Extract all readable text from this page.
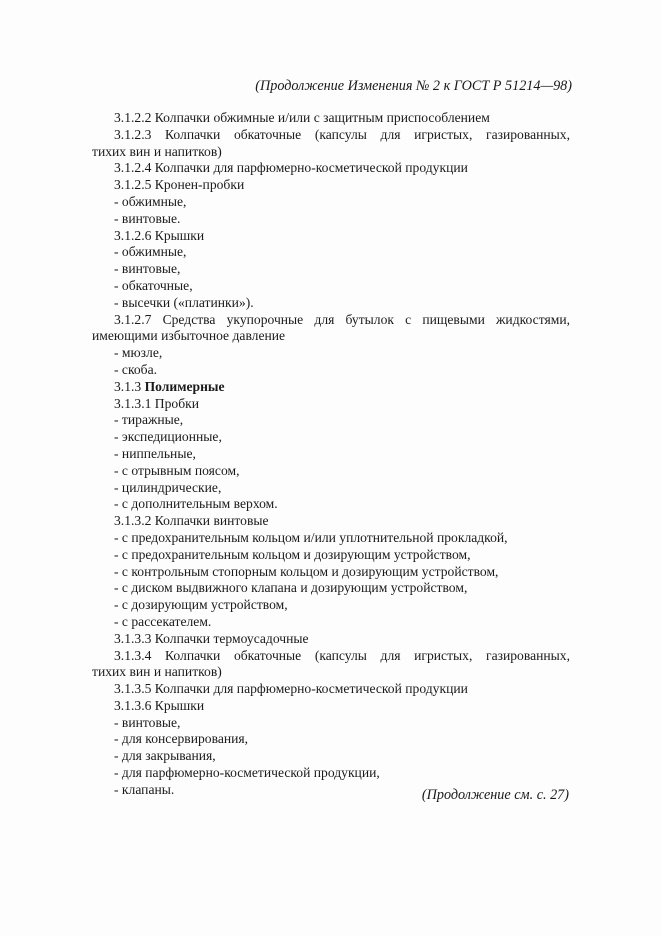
(Продолжение Изменения № 2 к ГОСТ Р 51214—98)
3.1.2.2 Колпачки обжимные и/или с защитным приспособлением
3.1.2.3 Колпачки обкаточные (капсулы для игристых, газированных,
тихих вин и напитков)
3.1.2.4 Колпачки для парфюмерно-косметической продукции
3.1.2.5 Кронен-пробки
- обжимные,
- винтовые.
3.1.2.6 Крышки
- обжимные,
- винтовые,
- обкаточные,
- высечки («платинки»).
3.1.2.7 Средства укупорочные для бутылок с пищевыми жидкостями,
имеющими избыточное давление
- мюзле,
- скоба.
3.1.3 Полимерные
3.1.3.1 Пробки
- тиражные,
- экспедиционные,
- ниппельные,
- с отрывным поясом,
- цилиндрические,
- с дополнительным верхом.
3.1.3.2 Колпачки винтовые
- с предохранительным кольцом и/или уплотнительной прокладкой,
- с предохранительным кольцом и дозирующим устройством,
- с контрольным стопорным кольцом и дозирующим устройством,
- с диском выдвижного клапана и дозирующим устройством,
- с дозирующим устройством,
- с рассекателем.
3.1.3.3 Колпачки термоусадочные
3.1.3.4 Колпачки обкаточные (капсулы для игристых, газированных,
тихих вин и напитков)
3.1.3.5 Колпачки для парфюмерно-косметической продукции
3.1.3.6 Крышки
- винтовые,
- для консервирования,
- для закрывания,
- для парфюмерно-косметической продукции,
- клапаны.	(Продолжение см. с. 27)
